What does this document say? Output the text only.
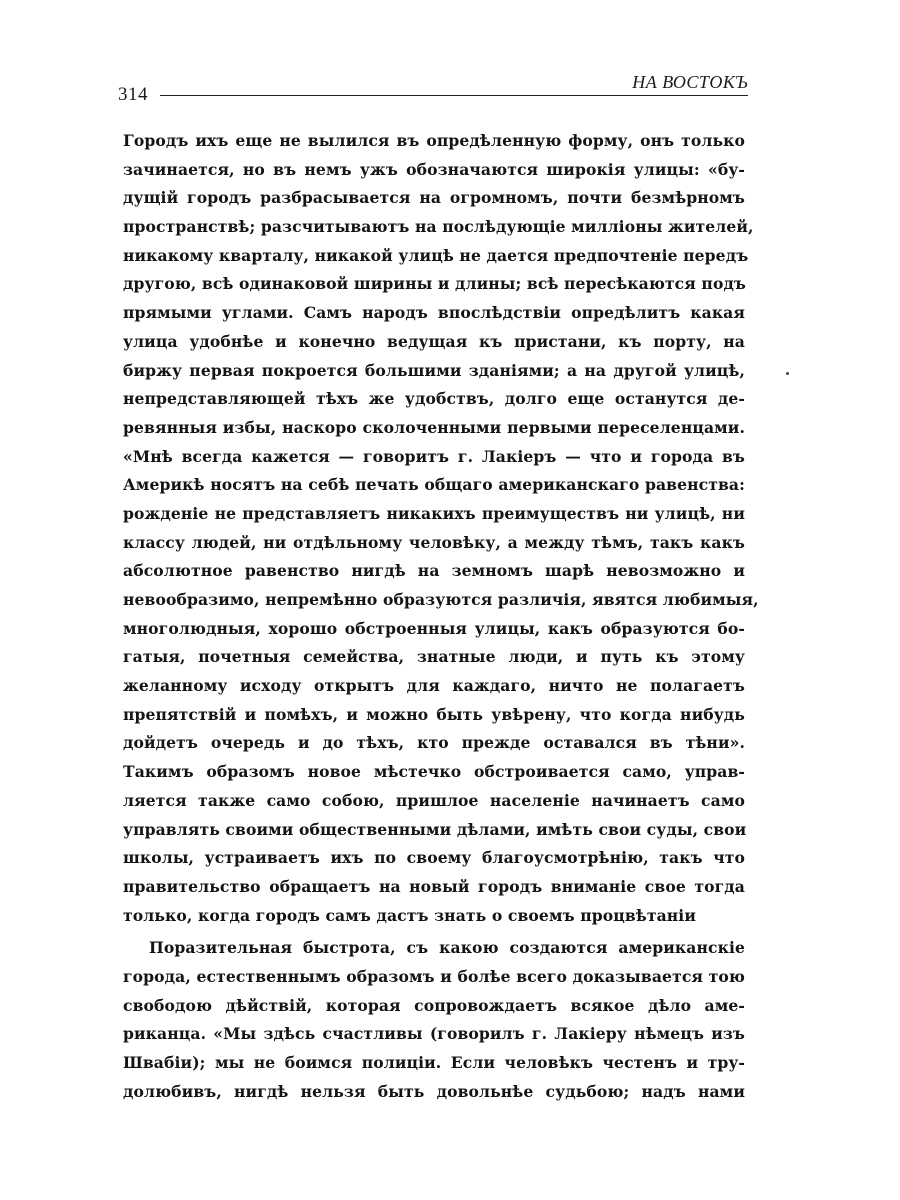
314
НА ВОСТОКЪ
Городъ ихъ еще не вылился въ опредѣленную форму, онъ только
зачинается, но въ немъ ужъ обозначаются широкія улицы: «бу-
дущій городъ разбрасывается на огромномъ, почти безмѣрномъ
пространствѣ; разсчитываютъ на послѣдующіе милліоны жителей,
никакому кварталу, никакой улицѣ не дается предпочтеніе передъ
другою, всѣ одинаковой ширины и длины; всѣ пересѣкаются подъ
прямыми углами. Самъ народъ впослѣдствіи опредѣлитъ какая
улица удобнѣе и конечно ведущая къ пристани, къ порту, на
биржу первая покроется большими зданіями; а на другой улицѣ,
непредставляющей тѣхъ же удобствъ, долго еще останутся де-
ревянныя избы, наскоро сколоченными первыми переселенцами.
«Мнѣ всегда кажется — говоритъ г. Лакіеръ — что и города въ
Америкѣ носятъ на себѣ печать общаго американскаго равенства:
рожденіе не представляетъ никакихъ преимуществъ ни улицѣ, ни
классу людей, ни отдѣльному человѣку, а между тѣмъ, такъ какъ
абсолютное равенство нигдѣ на земномъ шарѣ невозможно и
невообразимо, непремѣнно образуются различія, явятся любимыя,
многолюдныя, хорошо обстроенныя улицы, какъ образуются бо-
гатыя, почетныя семейства, знатные люди, и путь къ этому
желанному исходу открытъ для каждаго, ничто не полагаетъ
препятствій и помѣхъ, и можно быть увѣрену, что когда нибудь
дойдетъ очередь и до тѣхъ, кто прежде оставался въ тѣни».
Такимъ образомъ новое мѣстечко обстроивается само, управ-
ляется также само собою, пришлое населеніе начинаетъ само
управлять своими общественными дѣлами, имѣть свои суды, свои
школы, устраиваетъ ихъ по своему благоусмотрѣнію, такъ что
правительство обращаетъ на новый городъ вниманіе свое тогда
только, когда городъ самъ дастъ знать о своемъ процвѣтаніи
Поразительная быстрота, съ какою создаются американскіе
города, естественнымъ образомъ и болѣе всего доказывается тою
свободою дѣйствій, которая сопровождаетъ всякое дѣло аме-
риканца. «Мы здѣсь счастливы (говорилъ г. Лакіеру нѣмецъ изъ
Швабіи); мы не боимся полиціи. Если человѣкъ честенъ и тру-
долюбивъ, нигдѣ нельзя быть довольнѣе судьбою; надъ нами
